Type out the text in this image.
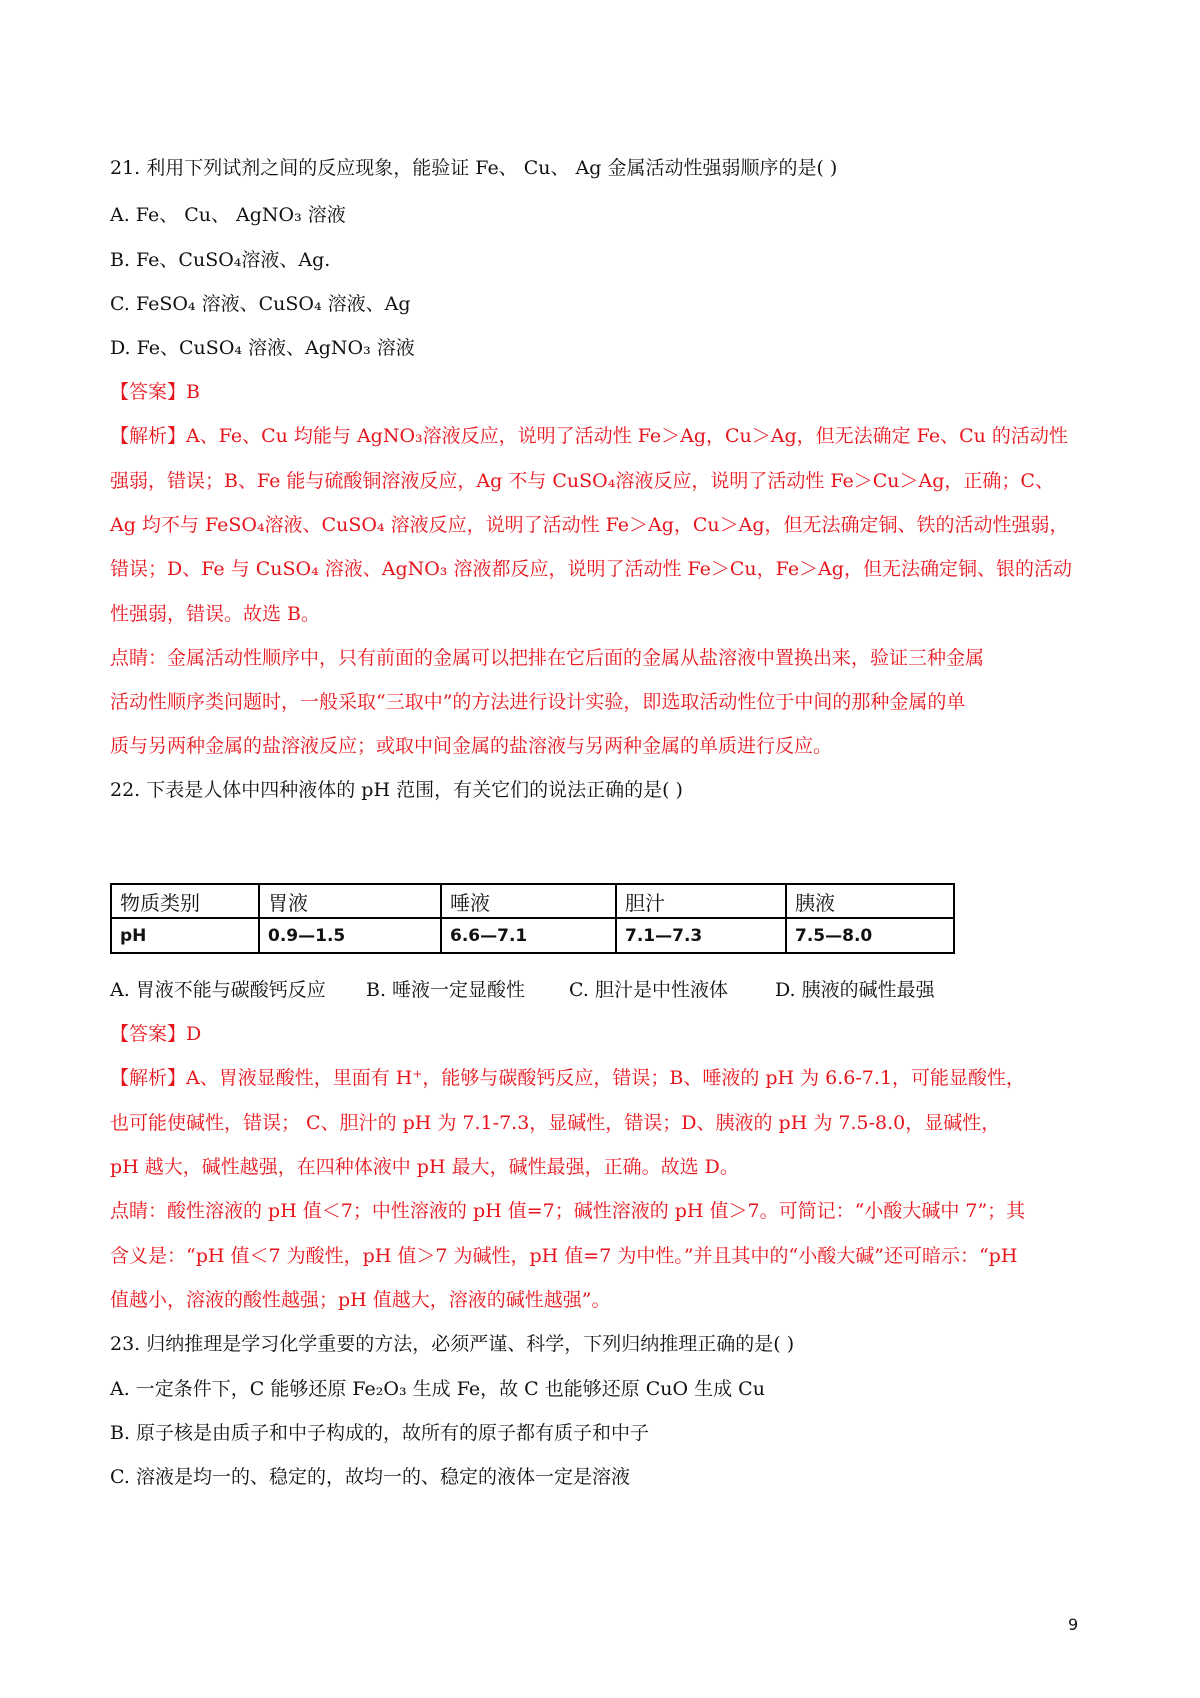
21. 利用下列试剂之间的反应现象，能验证 Fe、 Cu、 Ag 金属活动性强弱顺序的是( )
A. Fe、 Cu、 AgNO₃ 溶液
B. Fe、CuSO₄溶液、Ag.
C. FeSO₄ 溶液、CuSO₄ 溶液、Ag
D. Fe、CuSO₄ 溶液、AgNO₃ 溶液
【答案】B
【解析】A、Fe、Cu 均能与 AgNO₃溶液反应，说明了活动性 Fe＞Ag，Cu＞Ag，但无法确定 Fe、Cu 的活动性
强弱，错误；B、Fe 能与硫酸铜溶液反应，Ag 不与 CuSO₄溶液反应，说明了活动性 Fe＞Cu＞Ag，正确；C、
Ag 均不与 FeSO₄溶液、CuSO₄ 溶液反应，说明了活动性 Fe＞Ag，Cu＞Ag，但无法确定铜、铁的活动性强弱，
错误；D、Fe 与 CuSO₄ 溶液、AgNO₃ 溶液都反应，说明了活动性 Fe＞Cu，Fe＞Ag，但无法确定铜、银的活动
性强弱，错误。故选 B。
点睛：金属活动性顺序中，只有前面的金属可以把排在它后面的金属从盐溶液中置换出来，验证三种金属
活动性顺序类问题时，一般采取“三取中”的方法进行设计实验，即选取活动性位于中间的那种金属的单
质与另两种金属的盐溶液反应；或取中间金属的盐溶液与另两种金属的单质进行反应。
22. 下表是人体中四种液体的 pH 范围，有关它们的说法正确的是( )
物质类别	胃液	唾液	胆汁	胰液
pH	0.9—1.5	6.6—7.1	7.1—7.3	7.5—8.0
A. 胃液不能与碳酸钙反应 B. 唾液一定显酸性 C. 胆汁是中性液体 D. 胰液的碱性最强
【答案】D
【解析】A、胃液显酸性，里面有 H⁺，能够与碳酸钙反应，错误；B、唾液的 pH 为 6.6-7.1，可能显酸性，
也可能使碱性，错误； C、胆汁的 pH 为 7.1-7.3，显碱性，错误；D、胰液的 pH 为 7.5-8.0，显碱性，
pH 越大，碱性越强，在四种体液中 pH 最大，碱性最强，正确。故选 D。
点睛：酸性溶液的 pH 值＜7；中性溶液的 pH 值=7；碱性溶液的 pH 值＞7。可简记：“小酸大碱中 7”；其
含义是：“pH 值＜7 为酸性，pH 值＞7 为碱性，pH 值=7 为中性。”并且其中的“小酸大碱”还可暗示：“pH
值越小，溶液的酸性越强；pH 值越大，溶液的碱性越强”。
23. 归纳推理是学习化学重要的方法，必须严谨、科学，下列归纳推理正确的是( )
A. 一定条件下，C 能够还原 Fe₂O₃ 生成 Fe，故 C 也能够还原 CuO 生成 Cu
B. 原子核是由质子和中子构成的，故所有的原子都有质子和中子
C. 溶液是均一的、稳定的，故均一的、稳定的液体一定是溶液
9
